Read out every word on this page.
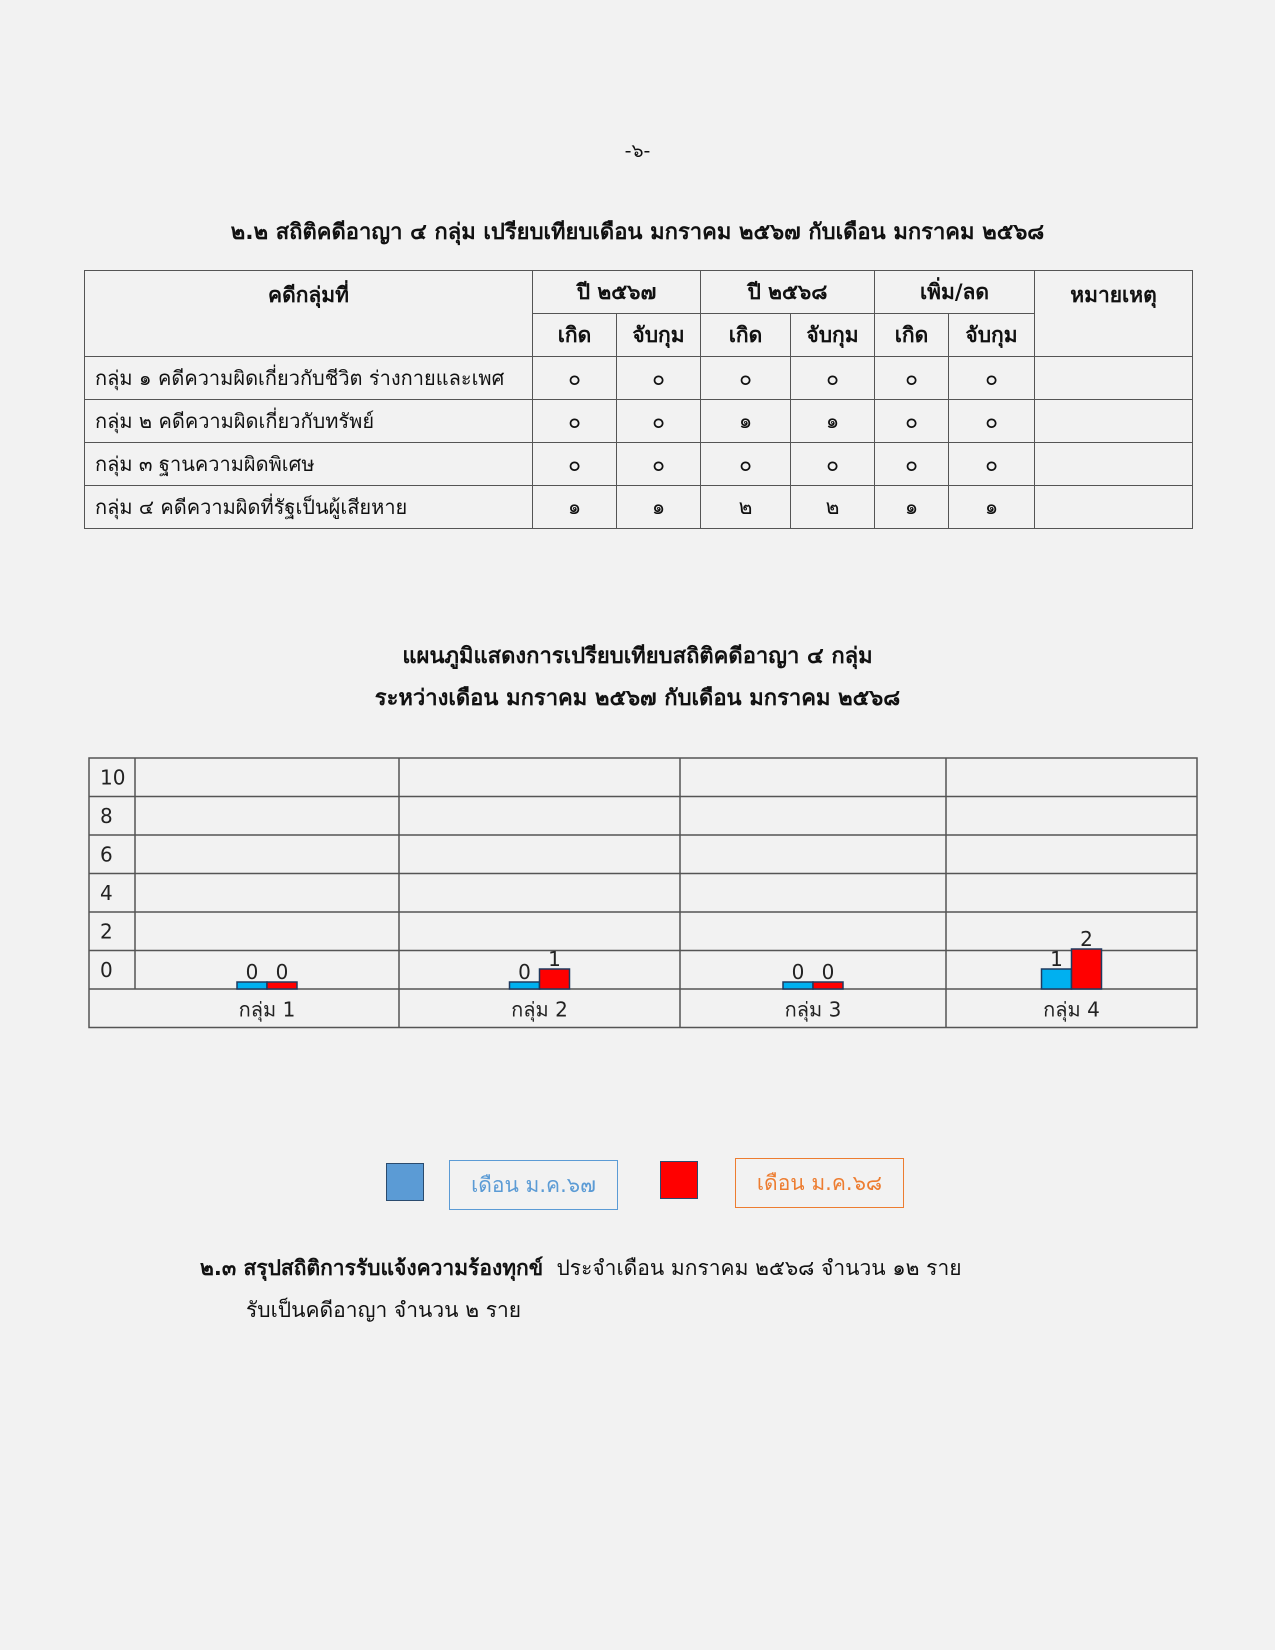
-๖-
๒.๒ สถิติคดีอาญา ๔ กลุ่ม เปรียบเทียบเดือน มกราคม ๒๕๖๗ กับเดือน มกราคม ๒๕๖๘
คดีกลุ่มที่	ปี ๒๕๖๗		ปี ๒๕๖๘		เพิ่ม/ลด		หมายเหตุ
	เกิด	จับกุม	เกิด	จับกุม	เกิด	จับกุม	
กลุ่ม ๑ คดีความผิดเกี่ยวกับชีวิต ร่างกายและเพศ	๐	๐	๐	๐	๐	๐	
กลุ่ม ๒ คดีความผิดเกี่ยวกับทรัพย์	๐	๐	๑	๑	๐	๐	
กลุ่ม ๓ ฐานความผิดพิเศษ	๐	๐	๐	๐	๐	๐	
กลุ่ม ๔ คดีความผิดที่รัฐเป็นผู้เสียหาย	๑	๑	๒	๒	๑	๑	
แผนภูมิแสดงการเปรียบเทียบสถิติคดีอาญา ๔ กลุ่ม
ระหว่างเดือน มกราคม ๒๕๖๗ กับเดือน มกราคม ๒๕๖๘
10
8
6
4
2
0
กลุ่ม 1	กลุ่ม 2	กลุ่ม 3	กลุ่ม 4
0 0	0
1
0 0
1
2
เดือน ม.ค.๖๗	เดือน ม.ค.๖๘
๒.๓ สรุปสถิติการรับแจ้งความร้องทุกข์ ประจำเดือน มกราคม ๒๕๖๘ จำนวน ๑๒ ราย
รับเป็นคดีอาญา จำนวน ๒ ราย
